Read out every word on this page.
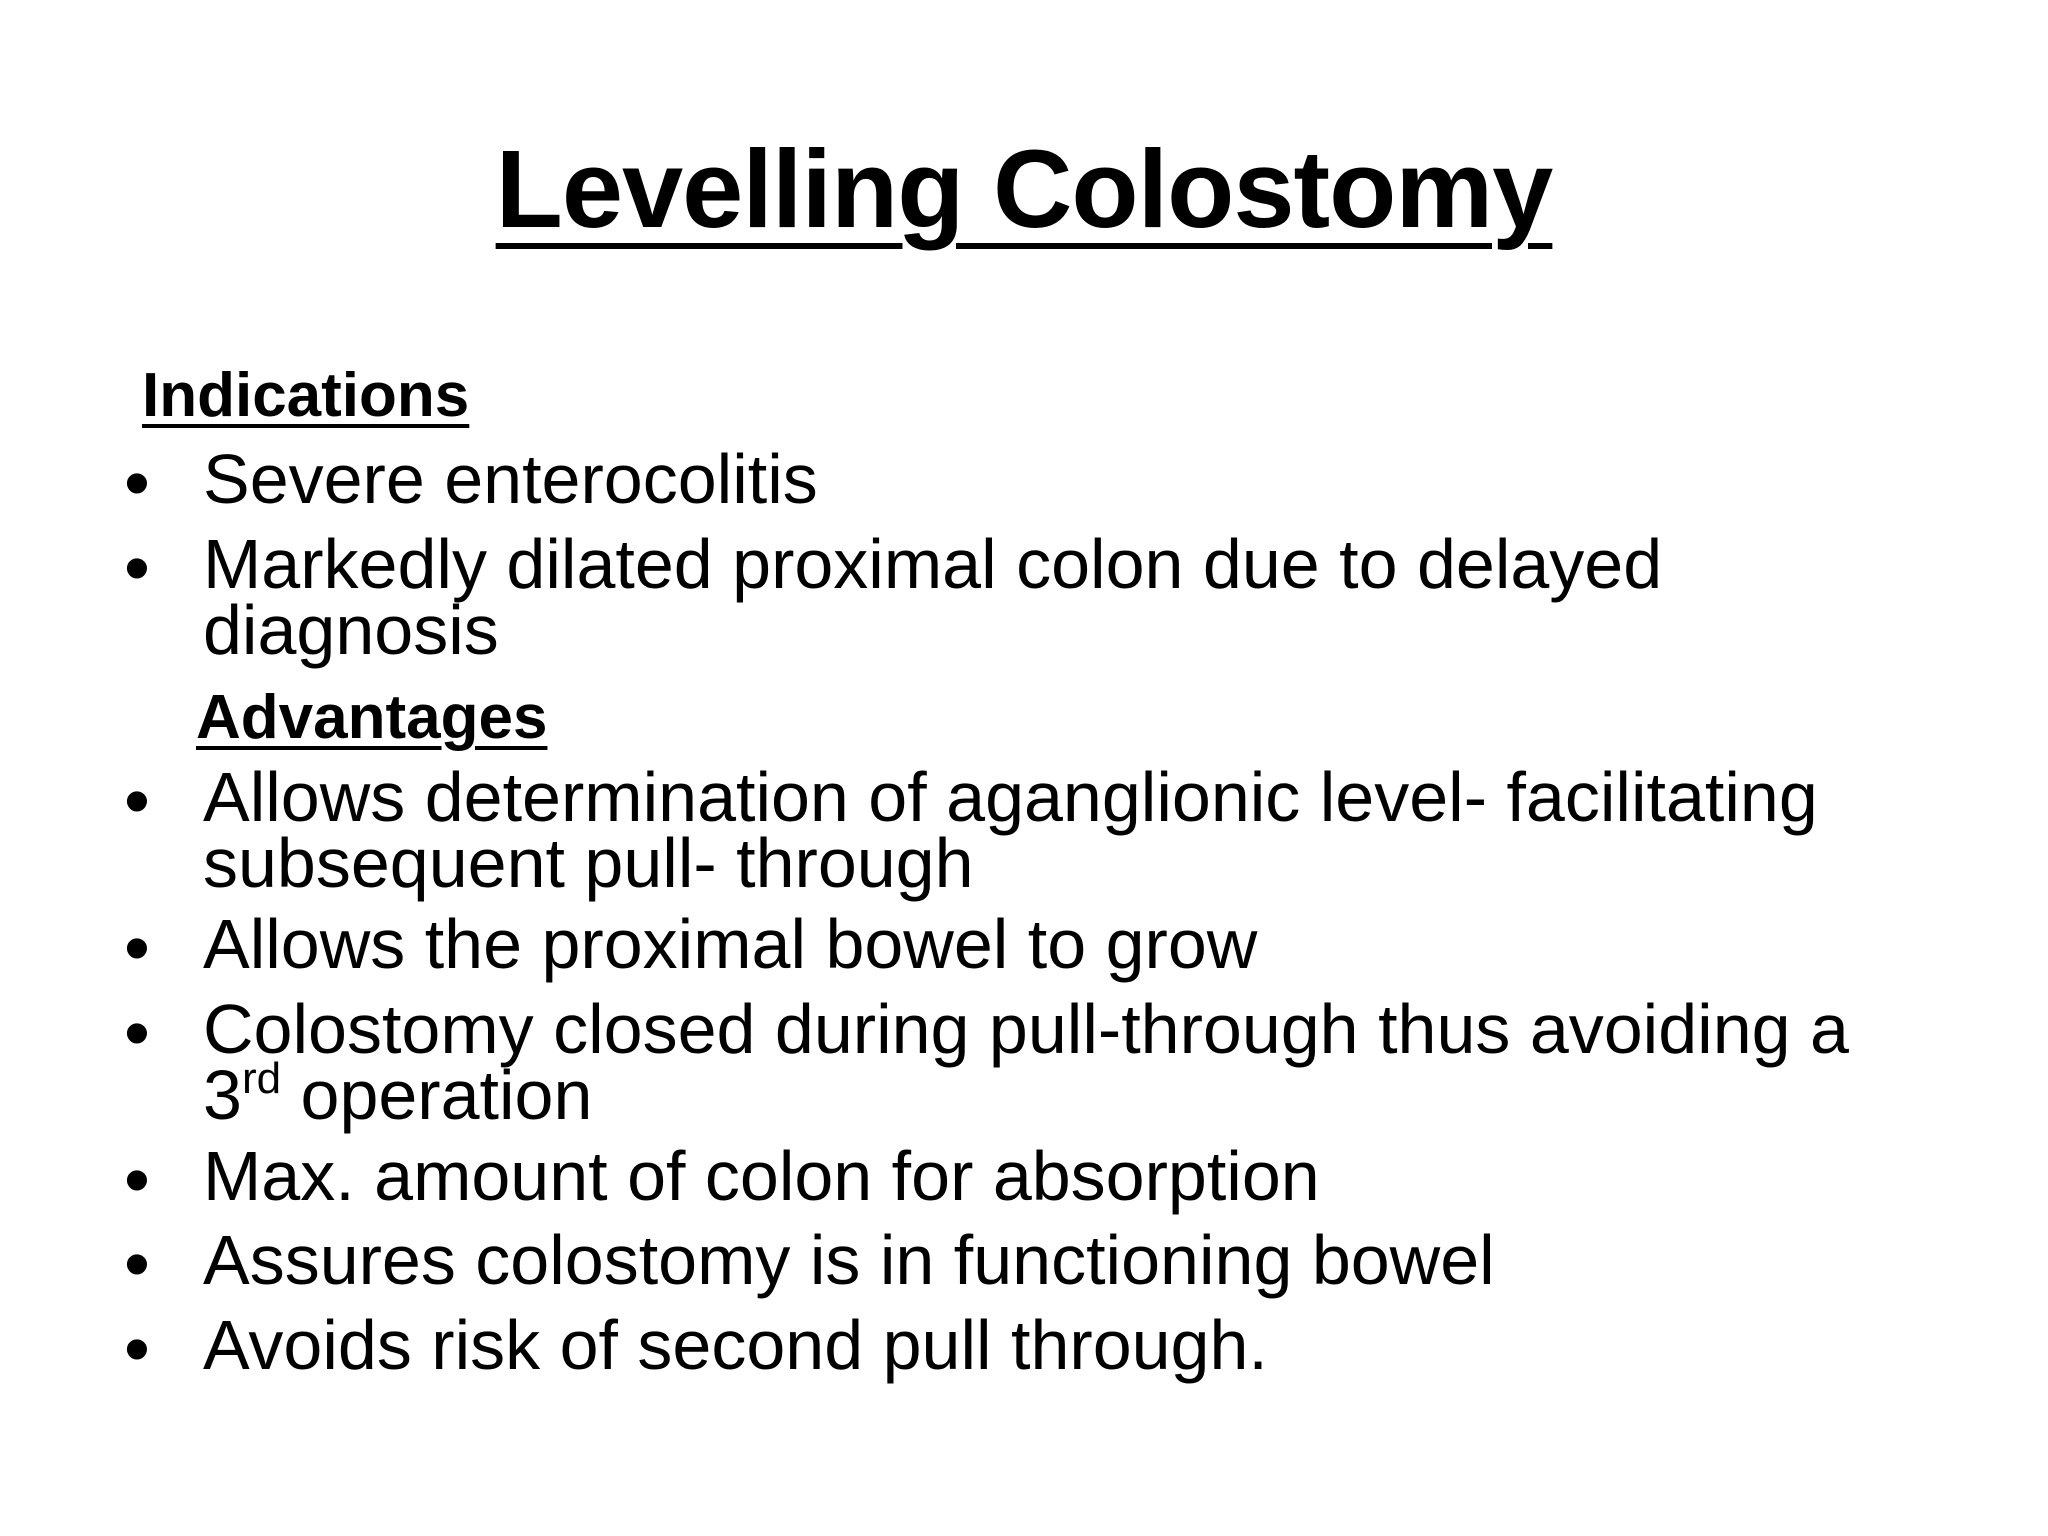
Levelling Colostomy
Indications
• Severe enterocolitis
• Markedly dilated proximal colon due to delayed diagnosis
Advantages
• Allows determination of aganglionic level- facilitating subsequent pull- through
• Allows the proximal bowel to grow
• Colostomy closed during pull-through thus avoiding a 3rd operation
• Max. amount of colon for absorption
• Assures colostomy is in functioning bowel
• Avoids risk of second pull through.
